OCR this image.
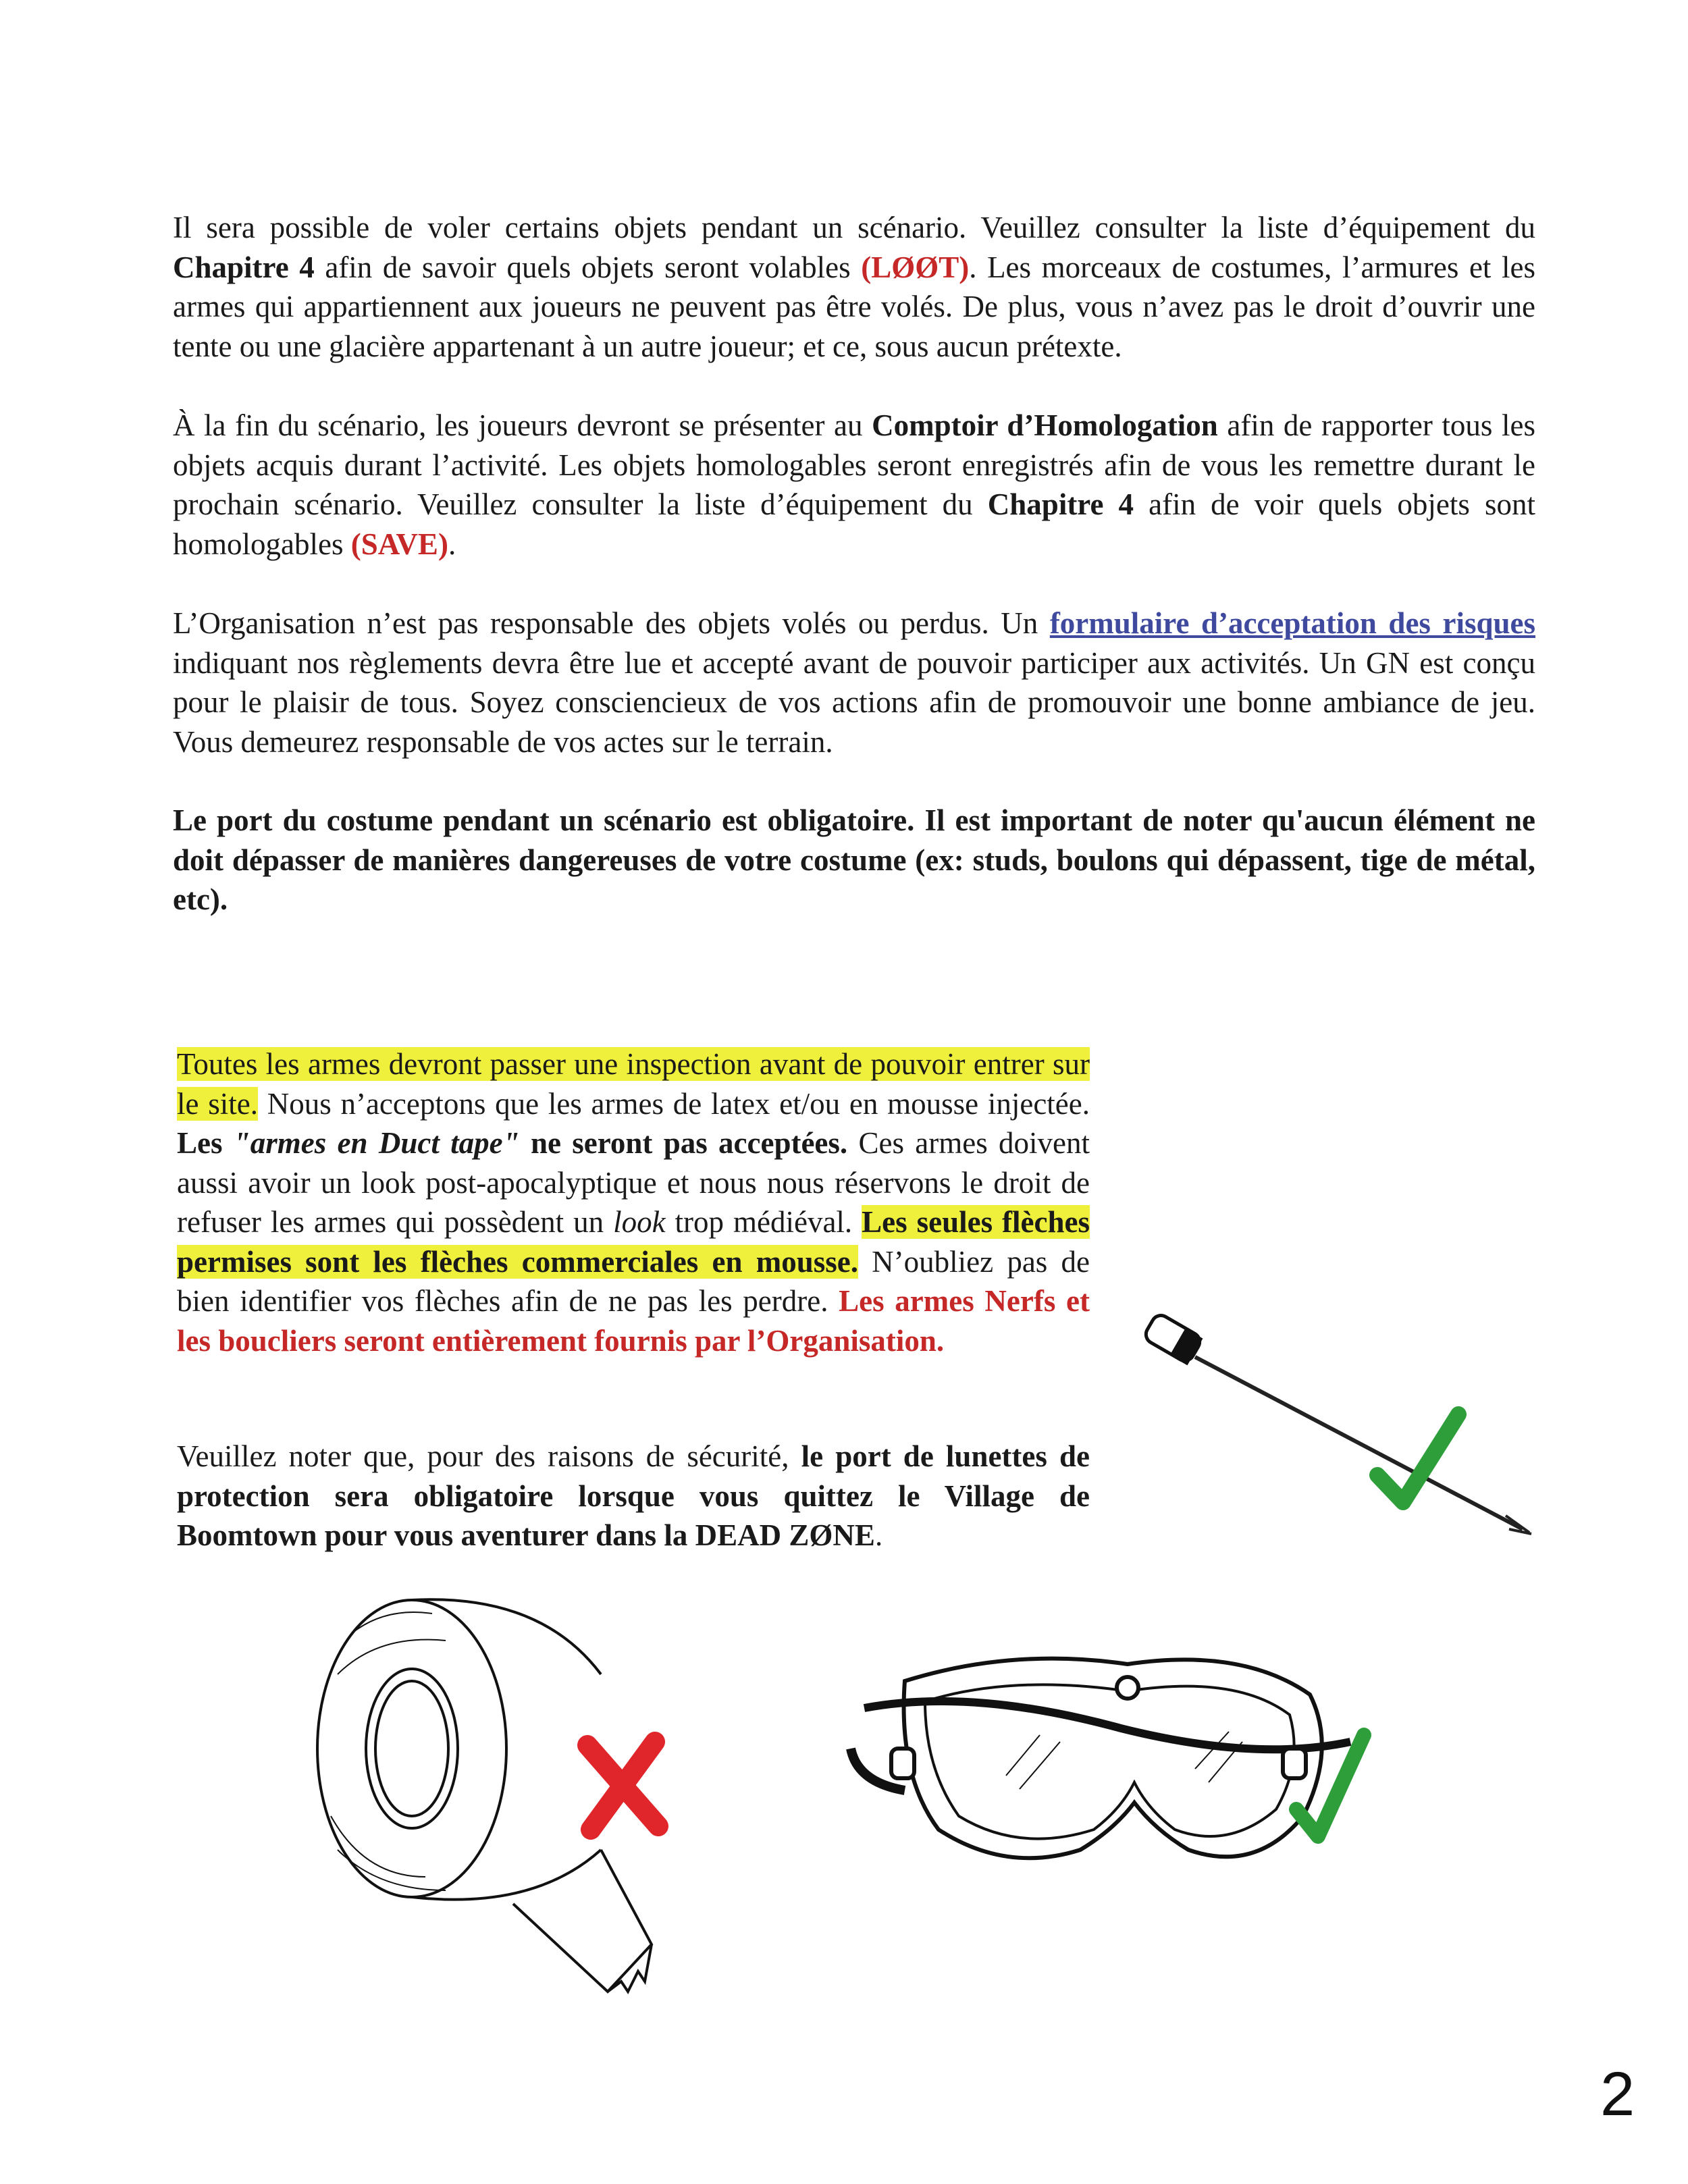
Il sera possible de voler certains objets pendant un scénario. Veuillez consulter la liste d’équipement du Chapitre 4 afin de savoir quels objets seront volables (LØØT). Les morceaux de costumes, l’armures et les armes qui appartiennent aux joueurs ne peuvent pas être volés. De plus, vous n’avez pas le droit d’ouvrir une tente ou une glacière appartenant à un autre joueur; et ce, sous aucun prétexte.

À la fin du scénario, les joueurs devront se présenter au Comptoir d’Homologation afin de rapporter tous les objets acquis durant l’activité. Les objets homologables seront enregistrés afin de vous les remettre durant le prochain scénario. Veuillez consulter la liste d’équipement du Chapitre 4 afin de voir quels objets sont homologables (SAVE).

L’Organisation n’est pas responsable des objets volés ou perdus. Un formulaire d’acceptation des risques indiquant nos règlements devra être lue et accepté avant de pouvoir participer aux activités. Un GN est conçu pour le plaisir de tous. Soyez consciencieux de vos actions afin de promouvoir une bonne ambiance de jeu. Vous demeurez responsable de vos actes sur le terrain.

Le port du costume pendant un scénario est obligatoire. Il est important de noter qu'aucun élément ne doit dépasser de manières dangereuses de votre costume (ex: studs, boulons qui dépassent, tige de métal, etc).

Toutes les armes devront passer une inspection avant de pouvoir entrer sur le site. Nous n’acceptons que les armes de latex et/ou en mousse injectée. Les "armes en Duct tape" ne seront pas acceptées. Ces armes doivent aussi avoir un look post-apocalyptique et nous nous réservons le droit de refuser les armes qui possèdent un look trop médiéval. Les seules flèches permises sont les flèches commerciales en mousse. N’oubliez pas de bien identifier vos flèches afin de ne pas les perdre. Les armes Nerfs et les boucliers seront entièrement fournis par l’Organisation.

Veuillez noter que, pour des raisons de sécurité, le port de lunettes de protection sera obligatoire lorsque vous quittez le Village de Boomtown pour vous aventurer dans la DEAD ZØNE.

2
